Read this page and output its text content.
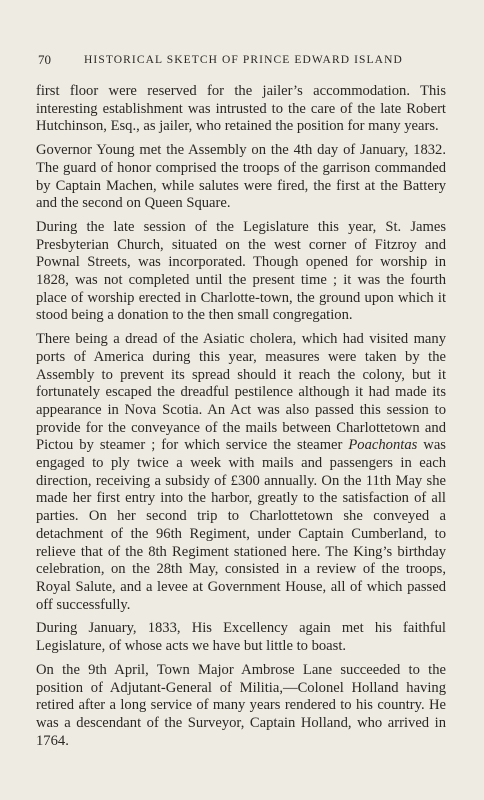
70	HISTORICAL SKETCH OF PRINCE EDWARD ISLAND

first floor were reserved for the jailer’s accommodation. This interesting establishment was intrusted to the care of the late Robert Hutchinson, Esq., as jailer, who retained the position for many years.

Governor Young met the Assembly on the 4th day of January, 1832. The guard of honor comprised the troops of the garrison commanded by Captain Machen, while salutes were fired, the first at the Battery and the second on Queen Square.

During the late session of the Legislature this year, St. James Presbyterian Church, situated on the west corner of Fitzroy and Pownal Streets, was incorporated. Though opened for worship in 1828, was not completed until the present time ; it was the fourth place of worship erected in Charlotte-town, the ground upon which it stood being a donation to the then small congregation.

There being a dread of the Asiatic cholera, which had visited many ports of America during this year, measures were taken by the Assembly to prevent its spread should it reach the colony, but it fortunately escaped the dreadful pestilence although it had made its appearance in Nova Scotia. An Act was also passed this session to provide for the conveyance of the mails between Charlottetown and Pictou by steamer ; for which service the steamer Poachontas was engaged to ply twice a week with mails and passengers in each direction, receiving a subsidy of £300 annually. On the 11th May she made her first entry into the harbor, greatly to the satisfaction of all parties. On her second trip to Charlottetown she conveyed a detachment of the 96th Regiment, under Captain Cumberland, to relieve that of the 8th Regiment stationed here. The King’s birthday celebration, on the 28th May, consisted in a review of the troops, Royal Salute, and a levee at Government House, all of which passed off successfully.

During January, 1833, His Excellency again met his faithful Legislature, of whose acts we have but little to boast.

On the 9th April, Town Major Ambrose Lane succeeded to the position of Adjutant-General of Militia,—Colonel Holland having retired after a long service of many years rendered to his country. He was a descendant of the Surveyor, Captain Holland, who arrived in 1764.
